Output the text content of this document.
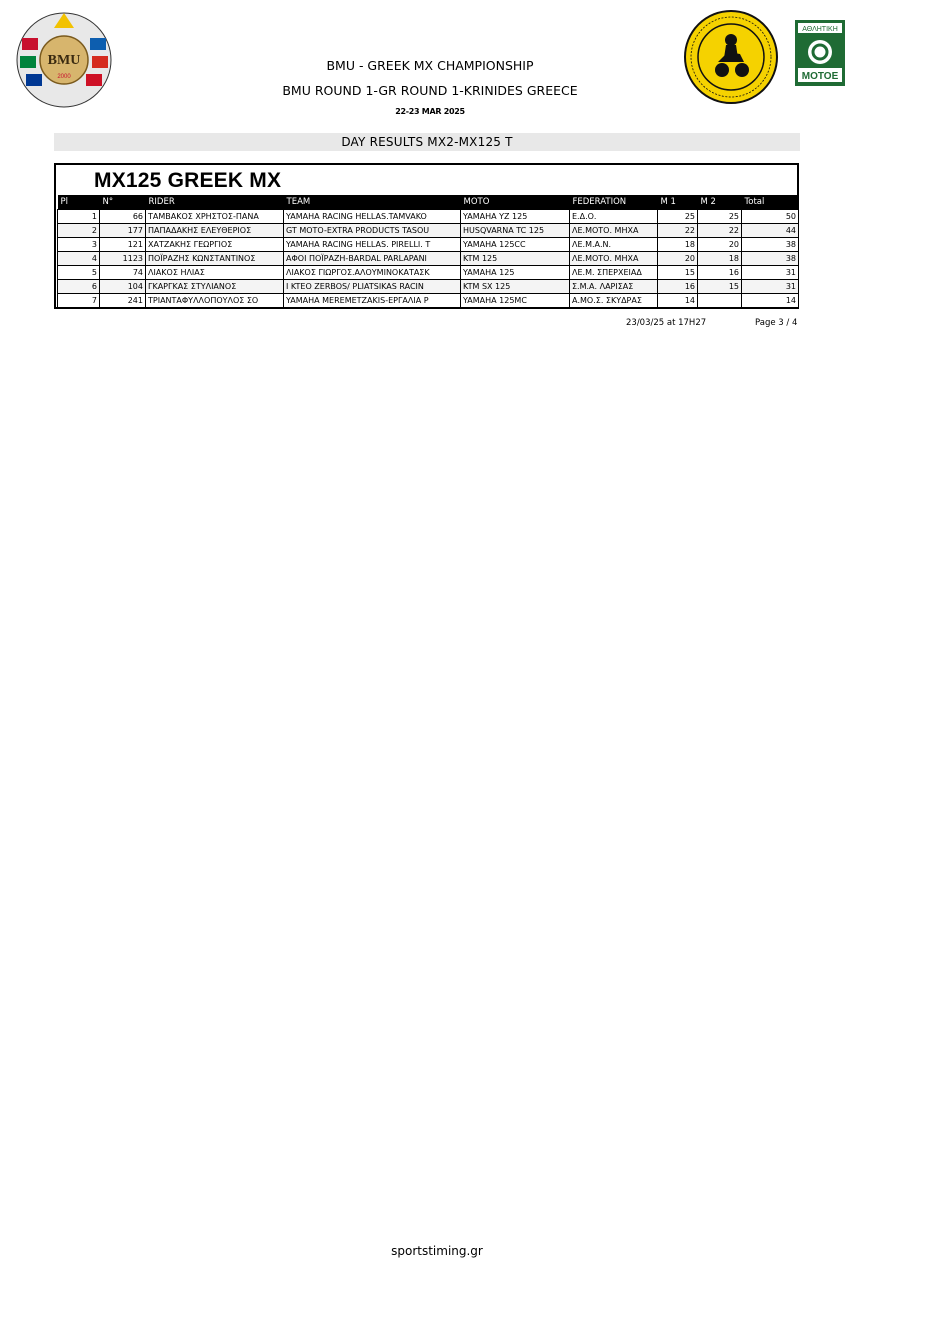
BMU
2000
ΑΘΛΗΤΙΚΗ
MOTOE
BMU - GREEK MX CHAMPIONSHIP
BMU ROUND 1-GR ROUND 1-KRINIDES GREECE
22-23 MAR 2025
DAY RESULTS MX2-MX125 T
MX125 GREEK MX
Pl	N°	RIDER	TEAM	MOTO	FEDERATION	M 1	M 2	Total
1	66	ΤΑΜΒΑΚΟΣ ΧΡΗΣΤΟΣ-ΠΑΝΑ	YAMAHA RACING HELLAS.TAMVAKO	YAMAHA YZ 125	Ε.Δ.Ο.	25	25	50
2	177	ΠΑΠΑΔΑΚΗΣ ΕΛΕΥΘΕΡΙΟΣ	GT MOTO-EXTRA PRODUCTS TASOU	HUSQVARNA TC 125	ΛΕ.ΜΟΤΟ. ΜΗΧΑ	22	22	44
3	121	ΧΑΤΖΑΚΗΣ ΓΕΩΡΓΙΟΣ	YAMAHA RACING HELLAS. PIRELLI. T	YAMAHA 125CC	ΛΕ.Μ.Α.Ν.	18	20	38
4	1123	ΠΟΪΡΑΖΗΣ ΚΩΝΣΤΑΝΤΙΝΟΣ	ΑΦΟΙ ΠΟΪΡΑΖΗ-BARDAL PARLAPANI	KTM 125	ΛΕ.ΜΟΤΟ. ΜΗΧΑ	20	18	38
5	74	ΛΙΑΚΟΣ ΗΛΙΑΣ	ΛΙΑΚΟΣ ΓΙΩΡΓΟΣ.ΑΛΟΥΜΙΝΟΚΑΤΑΣΚ	YAMAHA 125	ΛΕ.Μ. ΣΠΕΡΧΕΙΑΔ	15	16	31
6	104	ΓΚΑΡΓΚΑΣ ΣΤΥΛΙΑΝΟΣ	I KTEO ZERBOS/ PLIATSIKAS RACIN	KTM SX 125	Σ.Μ.Α. ΛΑΡΙΣΑΣ	16	15	31
7	241	ΤΡΙΑΝΤΑΦΥΛΛΟΠΟΥΛΟΣ ΣΟ	YAMAHA MEREMETZAKIS-ΕΡΓΑΛΙΑ Ρ	YAMAHA 125MC	Α.ΜΟ.Σ. ΣΚΥΔΡΑΣ	14		14
23/03/25 at 17H27	Page 3 / 4
sportstiming.gr
